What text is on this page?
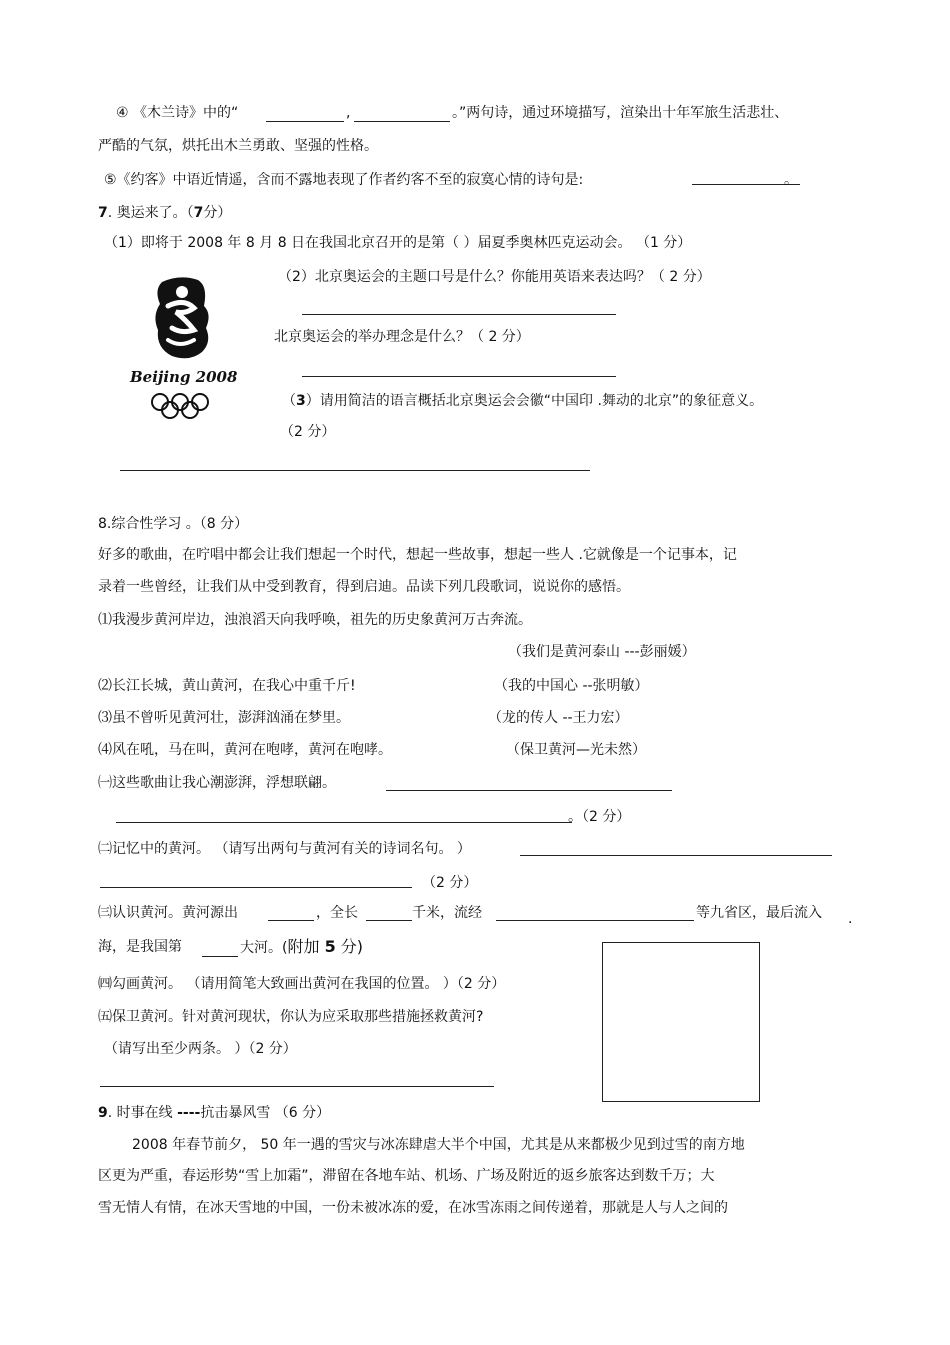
④ 《木兰诗》中的“	,	。”两句诗，通过环境描写，渲染出十年军旅生活悲壮、
严酷的气氛，烘托出木兰勇敢、坚强的性格。
⑤《约客》中语近情遥，含而不露地表现了作者约客不至的寂寞心情的诗句是:	。
7. 奥运来了。（7分）
（1）即将于 2008 年 8 月 8 日在我国北京召开的是第（ ）届夏季奥林匹克运动会。 （1 分）
Beijing 2008
（2）北京奥运会的主题口号是什么？你能用英语来表达吗？（ 2 分）
北京奥运会的举办理念是什么？（ 2 分）
（3）请用简洁的语言概括北京奥运会会徽“中国印 .舞动的北京”的象征意义。
（2 分）
8.综合性学习 。（8 分）
好多的歌曲，在咛唱中都会让我们想起一个时代，想起一些故事，想起一些人 .它就像是一个记事本，记
录着一些曾经，让我们从中受到教育，得到启迪。品读下列几段歌词，说说你的感悟。
⑴我漫步黄河岸边，浊浪滔天向我呼唤，祖先的历史象黄河万古奔流。
（我们是黄河泰山 ---彭丽媛）
⑵长江长城，黄山黄河，在我心中重千斤!	（我的中国心 --张明敏）
⑶虽不曾听见黄河壮，澎湃汹涌在梦里。	（龙的传人 --王力宏）
⑷风在吼，马在叫，黄河在咆哮，黄河在咆哮。	（保卫黄河—光未然）
㈠这些歌曲让我心潮澎湃，浮想联翩。
。（2 分）
㈡记忆中的黄河。 （请写出两句与黄河有关的诗词名句。 ）
（2 分）
㈢认识黄河。黄河源出	，全长	千米，流经	等九省区，最后流入 .
海，是我国第	大河。(附加 5 分)
㈣勾画黄河。 （请用简笔大致画出黄河在我国的位置。 ）（2 分）
㈤保卫黄河。针对黄河现状，你认为应采取那些措施拯救黄河?
（请写出至少两条。 ）（2 分）
9. 时事在线 ----抗击暴风雪 （6 分）
2008 年春节前夕， 50 年一遇的雪灾与冰冻肆虐大半个中国，尤其是从来都极少见到过雪的南方地
区更为严重，春运形势“雪上加霜”，滞留在各地车站、机场、广场及附近的返乡旅客达到数千万；大
雪无情人有情，在冰天雪地的中国，一份未被冰冻的爱，在冰雪冻雨之间传递着，那就是人与人之间的
